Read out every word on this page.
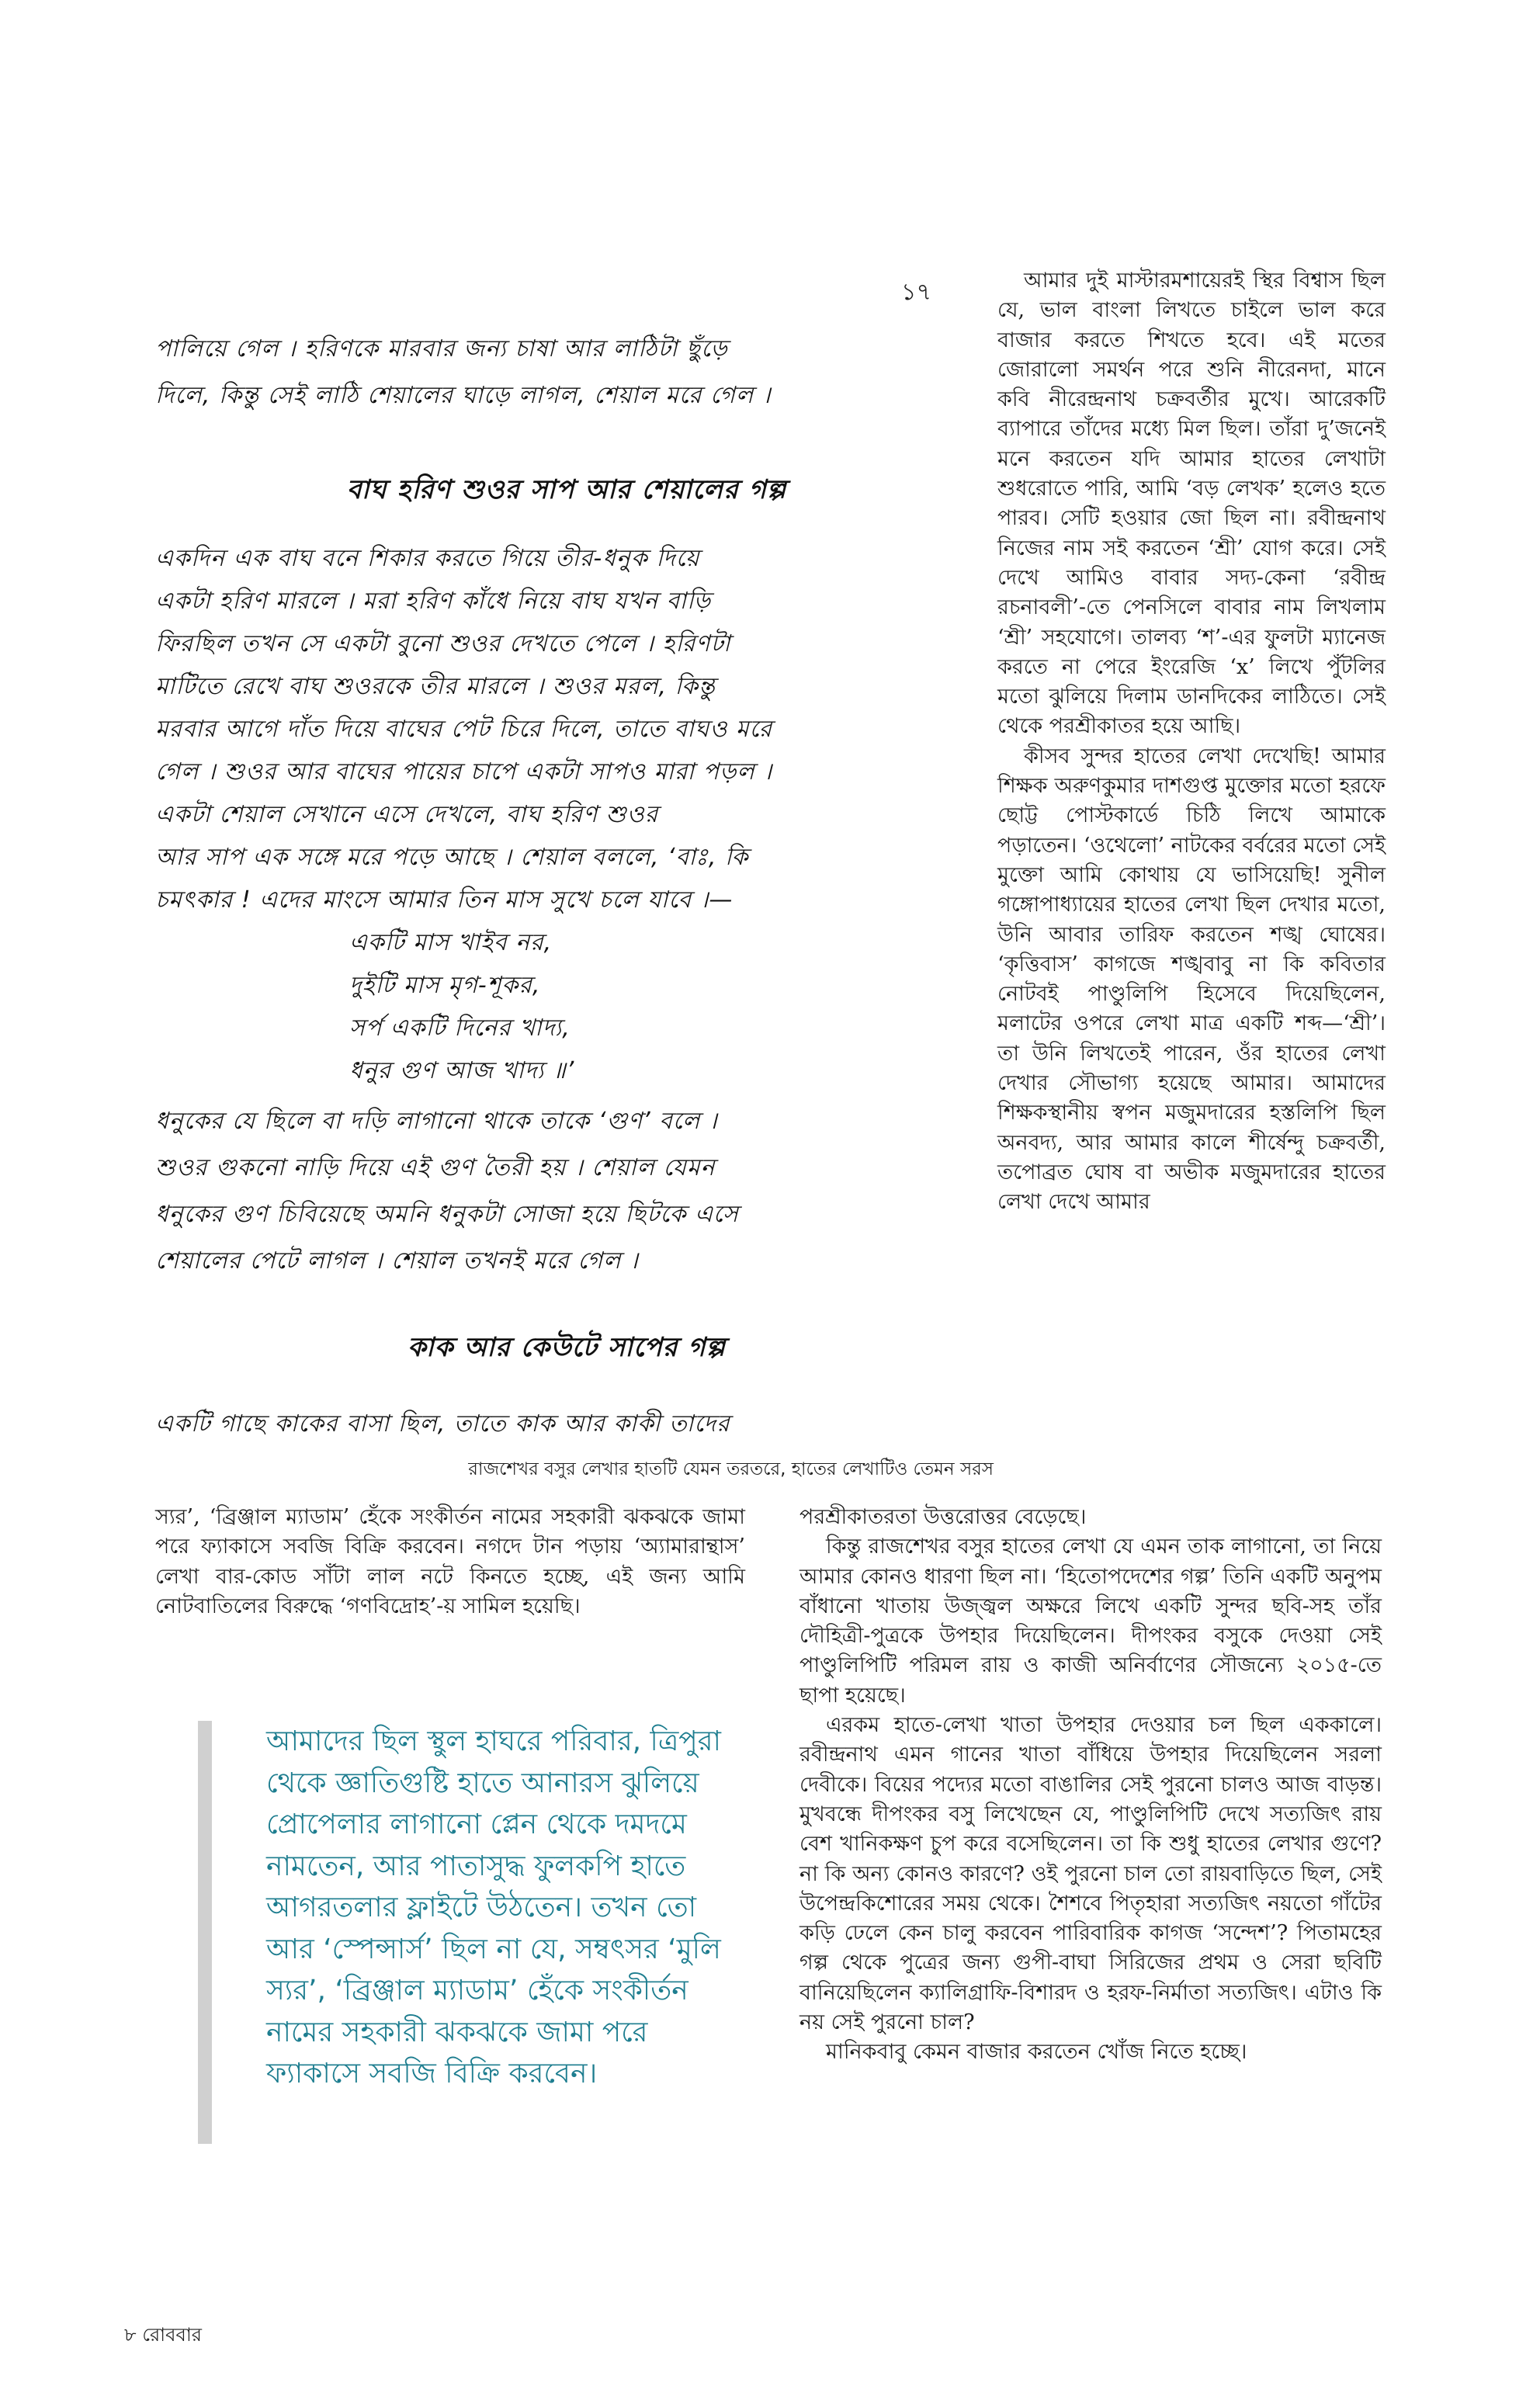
১৭
পালিয়ে গেল । হরিণকে মারবার জন্য চাষা আর লাঠিটা ছুঁড়ে
দিলে, কিন্তু সেই লাঠি শেয়ালের ঘাড়ে লাগল, শেয়াল মরে গেল ।
বাঘ হরিণ শুওর সাপ আর শেয়ালের গল্প
একদিন এক বাঘ বনে শিকার করতে গিয়ে তীর-ধনুক দিয়ে
একটা হরিণ মারলে । মরা হরিণ কাঁধে নিয়ে বাঘ যখন বাড়ি
ফিরছিল তখন সে একটা বুনো শুওর দেখতে পেলে । হরিণটা
মাটিতে রেখে বাঘ শুওরকে তীর মারলে । শুওর মরল, কিন্তু
মরবার আগে দাঁত দিয়ে বাঘের পেট চিরে দিলে, তাতে বাঘও মরে
গেল । শুওর আর বাঘের পায়ের চাপে একটা সাপও মারা পড়ল ।
একটা শেয়াল সেখানে এসে দেখলে, বাঘ হরিণ শুওর
আর সাপ এক সঙ্গে মরে পড়ে আছে । শেয়াল বললে, ‘বাঃ, কি
চমৎকার ! এদের মাংসে আমার তিন মাস সুখে চলে যাবে ।—
একটি মাস খাইব নর,
দুইটি মাস মৃগ-শূকর,
সর্প একটি দিনের খাদ্য,
ধনুর গুণ আজ খাদ্য ॥’
ধনুকের যে ছিলে বা দড়ি লাগানো থাকে তাকে ‘গুণ’ বলে ।
শুওর গুকনো নাড়ি দিয়ে এই গুণ তৈরী হয় । শেয়াল যেমন
ধনুকের গুণ চিবিয়েছে অমনি ধনুকটা সোজা হয়ে ছিটকে এসে
শেয়ালের পেটে লাগল । শেয়াল তখনই মরে গেল ।
কাক আর কেউটে সাপের গল্প
একটি গাছে কাকের বাসা ছিল, তাতে কাক আর কাকী তাদের
রাজশেখর বসুর লেখার হাতটি যেমন তরতরে, হাতের লেখাটিও তেমন সরস

আমার দুই মাস্টারমশায়েরই স্থির বিশ্বাস ছিল যে, ভাল বাংলা লিখতে চাইলে ভাল করে বাজার করতে শিখতে হবে। এই মতের জোরালো সমর্থন পরে শুনি নীরেনদা, মানে কবি নীরেন্দ্রনাথ চক্রবর্তীর মুখে। আরেকটি ব্যাপারে তাঁদের মধ্যে মিল ছিল। তাঁরা দু’জনেই মনে করতেন যদি আমার হাতের লেখাটা শুধরোতে পারি, আমি ‘বড় লেখক’ হলেও হতে পারব। সেটি হওয়ার জো ছিল না। রবীন্দ্রনাথ নিজের নাম সই করতেন ‘শ্রী’ যোগ করে। সেই দেখে আমিও বাবার সদ্য-কেনা ‘রবীন্দ্র রচনাবলী’-তে পেনসিলে বাবার নাম লিখলাম ‘শ্রী’ সহযোগে। তালব্য ‘শ’-এর ফুলটা ম্যানেজ করতে না পেরে ইংরেজি ‘x’ লিখে পুঁটলির মতো ঝুলিয়ে দিলাম ডানদিকের লাঠিতে। সেই থেকে পরশ্রীকাতর হয়ে আছি।

কীসব সুন্দর হাতের লেখা দেখেছি! আমার শিক্ষক অরুণকুমার দাশগুপ্ত মুক্তোর মতো হরফে ছোট্ট পোস্টকার্ডে চিঠি লিখে আমাকে পড়াতেন। ‘ওথেলো’ নাটকের বর্বরের মতো সেই মুক্তো আমি কোথায় যে ভাসিয়েছি! সুনীল গঙ্গোপাধ্যায়ের হাতের লেখা ছিল দেখার মতো, উনি আবার তারিফ করতেন শঙ্খ ঘোষের। ‘কৃত্তিবাস’ কাগজে শঙ্খবাবু না কি কবিতার নোটবই পাণ্ডুলিপি হিসেবে দিয়েছিলেন, মলাটের ওপরে লেখা মাত্র একটি শব্দ—‘শ্রী’। তা উনি লিখতেই পারেন, ওঁর হাতের লেখা দেখার সৌভাগ্য হয়েছে আমার। আমাদের শিক্ষকস্থানীয় স্বপন মজুমদারের হস্তলিপি ছিল অনবদ্য, আর আমার কালে শীর্ষেন্দু চক্রবর্তী, তপোব্রত ঘোষ বা অভীক মজুমদারের হাতের লেখা দেখে আমার

পরশ্রীকাতরতা উত্তরোত্তর বেড়েছে।

কিন্তু রাজশেখর বসুর হাতের লেখা যে এমন তাক লাগানো, তা নিয়ে আমার কোনও ধারণা ছিল না। ‘হিতোপদেশের গল্প’ তিনি একটি অনুপম বাঁধানো খাতায় উজ্জ্বল অক্ষরে লিখে একটি সুন্দর ছবি-সহ তাঁর দৌহিত্রী-পুত্রকে উপহার দিয়েছিলেন। দীপংকর বসুকে দেওয়া সেই পাণ্ডুলিপিটি পরিমল রায় ও কাজী অনির্বাণের সৌজন্যে ২০১৫-তে ছাপা হয়েছে।

এরকম হাতে-লেখা খাতা উপহার দেওয়ার চল ছিল এককালে। রবীন্দ্রনাথ এমন গানের খাতা বাঁধিয়ে উপহার দিয়েছিলেন সরলা দেবীকে। বিয়ের পদ্যের মতো বাঙালির সেই পুরনো চালও আজ বাড়ন্ত। মুখবন্ধে দীপংকর বসু লিখেছেন যে, পাণ্ডুলিপিটি দেখে সত্যজিৎ রায় বেশ খানিকক্ষণ চুপ করে বসেছিলেন। তা কি শুধু হাতের লেখার গুণে? না কি অন্য কোনও কারণে? ওই পুরনো চাল তো রায়বাড়িতে ছিল, সেই উপেন্দ্রকিশোরের সময় থেকে। শৈশবে পিতৃহারা সত্যজিৎ নয়তো গাঁটের কড়ি ঢেলে কেন চালু করবেন পারিবারিক কাগজ ‘সন্দেশ’? পিতামহের গল্প থেকে পুত্রের জন্য গুপী-বাঘা সিরিজের প্রথম ও সেরা ছবিটি বানিয়েছিলেন ক্যালিগ্রাফি-বিশারদ ও হরফ-নির্মাতা সত্যজিৎ। এটাও কি নয় সেই পুরনো চাল?

মানিকবাবু কেমন বাজার করতেন খোঁজ নিতে হচ্ছে।

স্যর’, ‘ব্রিঞ্জাল ম্যাডাম’ হেঁকে সংকীর্তন নামের সহকারী ঝকঝকে জামা পরে ফ্যাকাসে সবজি বিক্রি করবেন। নগদে টান পড়ায় ‘অ্যামারান্থাস’ লেখা বার-কোড সাঁটা লাল নটে কিনতে হচ্ছে, এই জন্য আমি নোটবাতিলের বিরুদ্ধে ‘গণবিদ্রোহ’-য় সামিল হয়েছি।

আমাদের ছিল স্থুল হাঘরে পরিবার, ত্রিপুরা থেকে জ্ঞাতিগুষ্টি হাতে আনারস ঝুলিয়ে প্রোপেলার লাগানো প্লেন থেকে দমদমে নামতেন, আর পাতাসুদ্ধ ফুলকপি হাতে আগরতলার ফ্লাইটে উঠতেন। তখন তো আর ‘স্পেন্সার্স’ ছিল না যে, সম্বৎসর ‘মুলি স্যর’, ‘ব্রিঞ্জাল ম্যাডাম’ হেঁকে সংকীর্তন নামের সহকারী ঝকঝকে জামা পরে ফ্যাকাসে সবজি বিক্রি করবেন।
৮ রোববার
